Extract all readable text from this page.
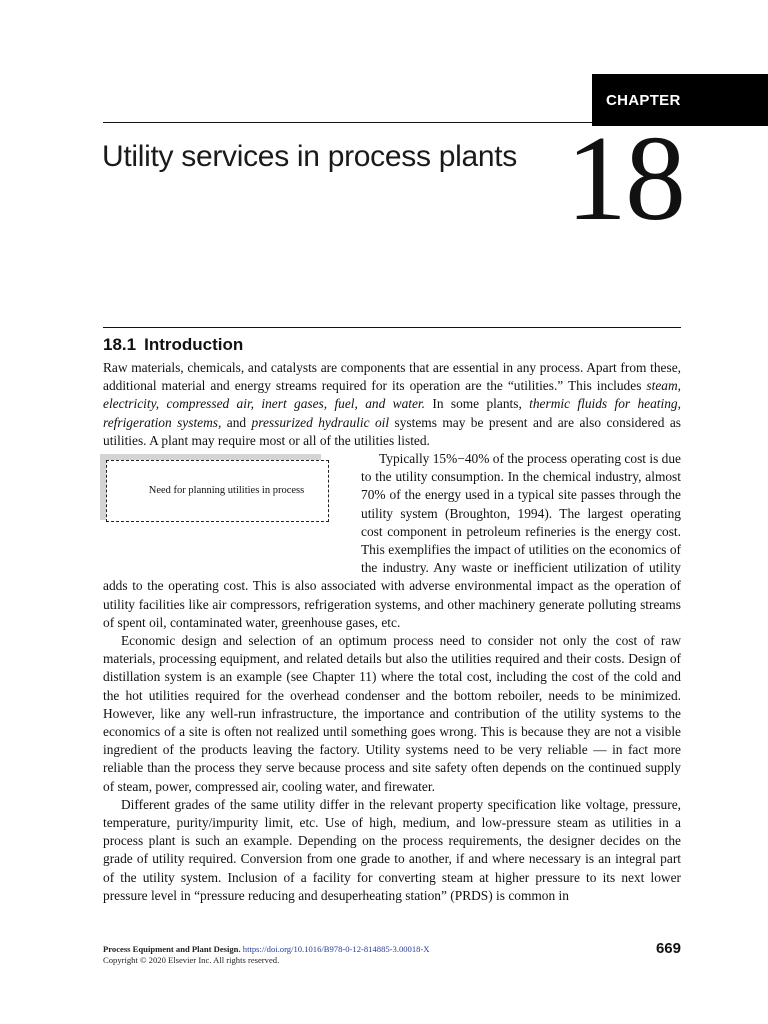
CHAPTER
Utility services in process plants 18
18.1 Introduction

Raw materials, chemicals, and catalysts are components that are essential in any process. Apart from these, additional material and energy streams required for its operation are the “utilities.” This includes steam, electricity, compressed air, inert gases, fuel, and water. In some plants, thermic fluids for heating, refrigeration systems, and pressurized hydraulic oil systems may be present and are also considered as utilities. A plant may require most or all of the utilities listed.

Need for planning utilities in process
Typically 15%−40% of the process operating cost is due to the utility consumption. In the chemical industry, almost 70% of the energy used in a typical site passes through the utility system (Broughton, 1994). The largest operating cost component in petroleum refineries is the energy cost. This exemplifies the impact of utilities on the economics of the industry. Any waste or inefficient utilization of utility adds to the operating cost. This is also associated with adverse environmental impact as the operation of utility facilities like air compressors, refrigeration systems, and other machinery generate polluting streams of spent oil, contaminated water, greenhouse gases, etc.

Economic design and selection of an optimum process need to consider not only the cost of raw materials, processing equipment, and related details but also the utilities required and their costs. Design of distillation system is an example (see Chapter 11) where the total cost, including the cost of the cold and the hot utilities required for the overhead condenser and the bottom reboiler, needs to be minimized. However, like any well-run infrastructure, the importance and contribution of the utility systems to the economics of a site is often not realized until something goes wrong. This is because they are not a visible ingredient of the products leaving the factory. Utility systems need to be very reliable — in fact more reliable than the process they serve because process and site safety often depends on the continued supply of steam, power, compressed air, cooling water, and firewater.

Different grades of the same utility differ in the relevant property specification like voltage, pressure, temperature, purity/impurity limit, etc. Use of high, medium, and low-pressure steam as utilities in a process plant is such an example. Depending on the process requirements, the designer decides on the grade of utility required. Conversion from one grade to another, if and where necessary is an integral part of the utility system. Inclusion of a facility for converting steam at higher pressure to its next lower pressure level in “pressure reducing and desuperheating station” (PRDS) is common in

Process Equipment and Plant Design. https://doi.org/10.1016/B978-0-12-814885-3.00018-X
Copyright © 2020 Elsevier Inc. All rights reserved.
669
